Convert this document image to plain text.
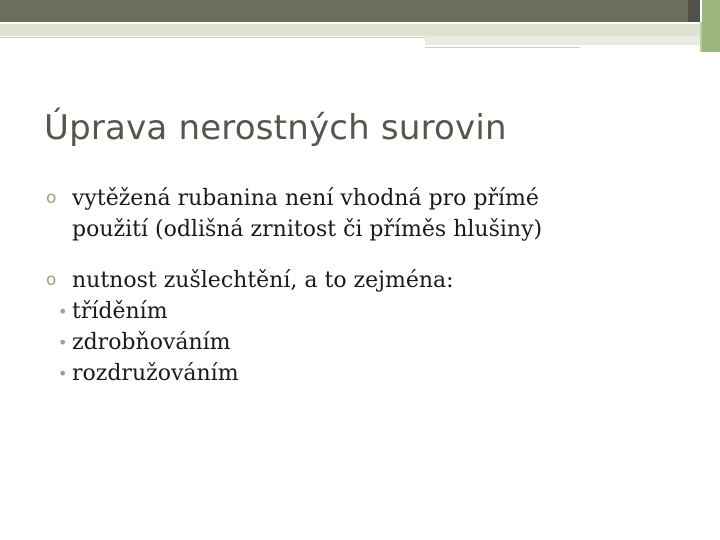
Úprava nerostných surovin

o vytěžená rubanina není vhodná pro přímé
použití (odlišná zrnitost či příměs hlušiny)

o nutnost zušlechtění, a to zejména:

• tříděním

• zdrobňováním

• rozdružováním
